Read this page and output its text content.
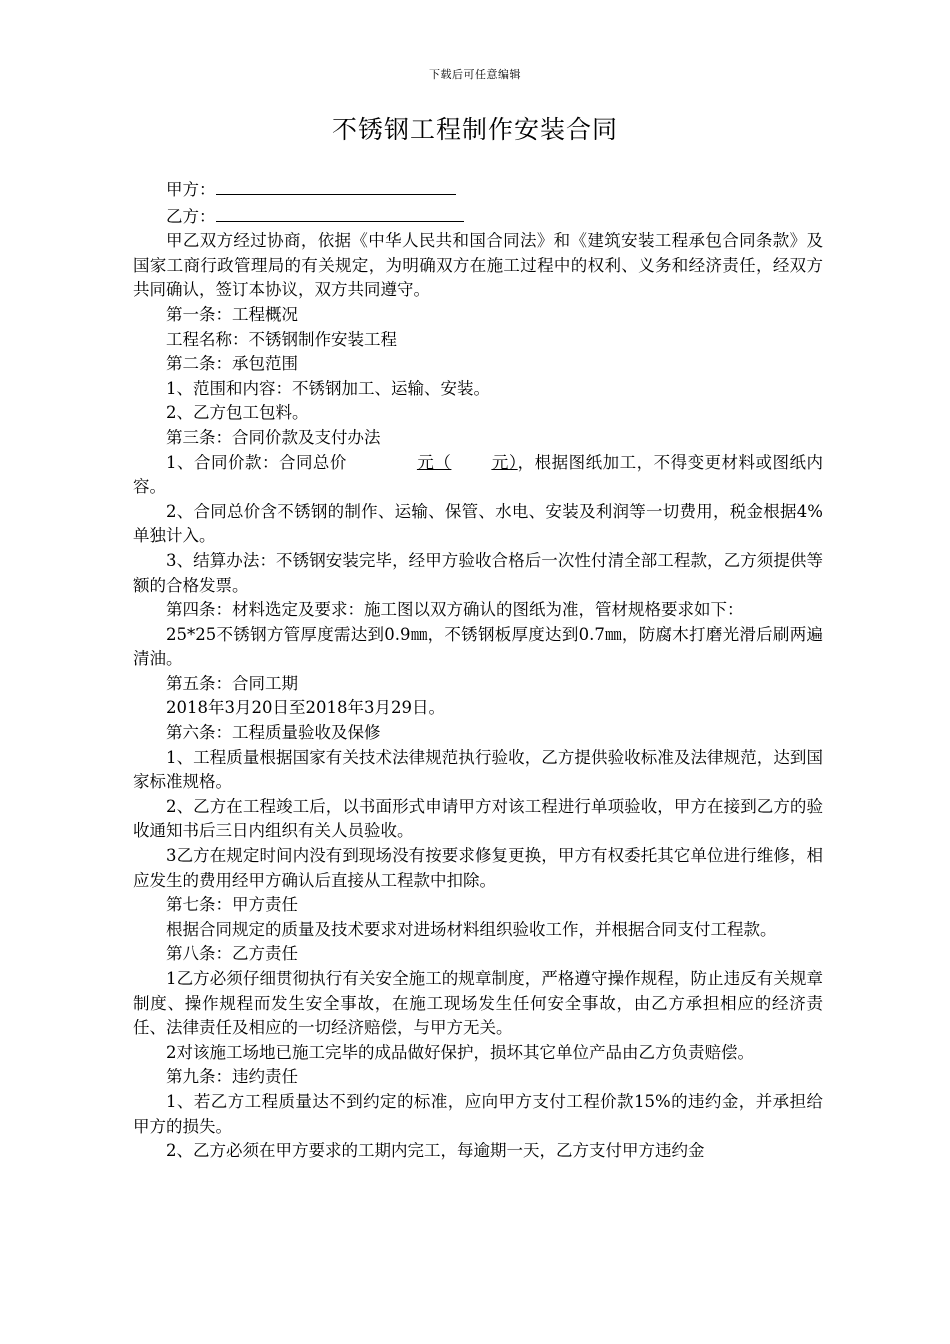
下载后可任意编辑
不锈钢工程制作安装合同
甲方：
乙方：

甲乙双方经过协商，依据《中华人民共和国合同法》和《建筑安装工程承包合同条款》及国家工商行政管理局的有关规定，为明确双方在施工过程中的权利、义务和经济责任，经双方共同确认，签订本协议，双方共同遵守。

第一条：工程概况

工程名称：不锈钢制作安装工程

第二条：承包范围

1、范围和内容：不锈钢加工、运输、安装。

2、乙方包工包料。

第三条：合同价款及支付办法

1、合同价款：合同总价	元（ 元），根据图纸加工，不得变更材料或图纸内容。

2、合同总价含不锈钢的制作、运输、保管、水电、安装及利润等一切费用，税金根据4%单独计入。

3、结算办法：不锈钢安装完毕，经甲方验收合格后一次性付清全部工程款，乙方须提供等额的合格发票。

第四条：材料选定及要求：施工图以双方确认的图纸为准，管材规格要求如下：

25*25不锈钢方管厚度需达到0.9㎜，不锈钢板厚度达到0.7㎜，防腐木打磨光滑后刷两遍清油。

第五条：合同工期

2018年3月20日至2018年3月29日。

第六条：工程质量验收及保修

1、工程质量根据国家有关技术法律规范执行验收，乙方提供验收标准及法律规范，达到国家标准规格。

2、乙方在工程竣工后，以书面形式申请甲方对该工程进行单项验收，甲方在接到乙方的验收通知书后三日内组织有关人员验收。

3乙方在规定时间内没有到现场没有按要求修复更换，甲方有权委托其它单位进行维修，相应发生的费用经甲方确认后直接从工程款中扣除。

第七条：甲方责任

根据合同规定的质量及技术要求对进场材料组织验收工作，并根据合同支付工程款。

第八条：乙方责任

1乙方必须仔细贯彻执行有关安全施工的规章制度，严格遵守操作规程，防止违反有关规章制度、操作规程而发生安全事故，在施工现场发生任何安全事故，由乙方承担相应的经济责任、法律责任及相应的一切经济赔偿，与甲方无关。

2对该施工场地已施工完毕的成品做好保护，损坏其它单位产品由乙方负责赔偿。

第九条：违约责任

1、若乙方工程质量达不到约定的标准，应向甲方支付工程价款15%的违约金，并承担给甲方的损失。

2、乙方必须在甲方要求的工期内完工，每逾期一天，乙方支付甲方违约金
